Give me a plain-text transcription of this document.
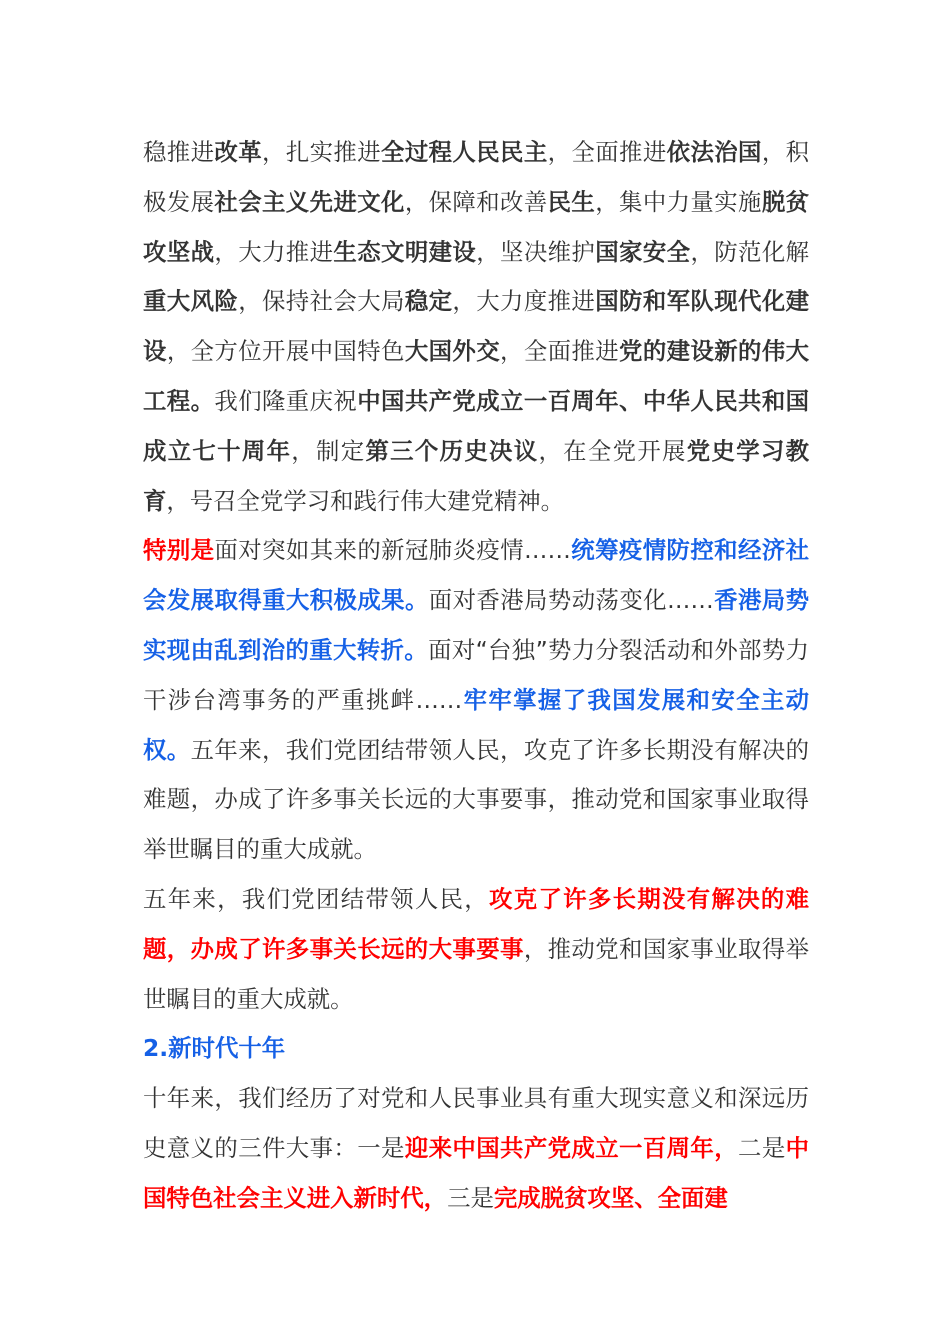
稳推进改革，扎实推进全过程人民民主，全面推进依法治国，积极发展社会主义先进文化，保障和改善民生，集中力量实施脱贫攻坚战，大力推进生态文明建设，坚决维护国家安全，防范化解重大风险，保持社会大局稳定，大力度推进国防和军队现代化建设，全方位开展中国特色大国外交，全面推进党的建设新的伟大工程。我们隆重庆祝中国共产党成立一百周年、中华人民共和国成立七十周年，制定第三个历史决议，在全党开展党史学习教育，号召全党学习和践行伟大建党精神。

特别是面对突如其来的新冠肺炎疫情……统筹疫情防控和经济社会发展取得重大积极成果。面对香港局势动荡变化……香港局势实现由乱到治的重大转折。面对“台独”势力分裂活动和外部势力干涉台湾事务的严重挑衅……牢牢掌握了我国发展和安全主动权。五年来，我们党团结带领人民，攻克了许多长期没有解决的难题，办成了许多事关长远的大事要事，推动党和国家事业取得举世瞩目的重大成就。

五年来，我们党团结带领人民，攻克了许多长期没有解决的难题，办成了许多事关长远的大事要事，推动党和国家事业取得举世瞩目的重大成就。

2.新时代十年

十年来，我们经历了对党和人民事业具有重大现实意义和深远历史意义的三件大事：一是迎来中国共产党成立一百周年，二是中国特色社会主义进入新时代，三是完成脱贫攻坚、全面建
